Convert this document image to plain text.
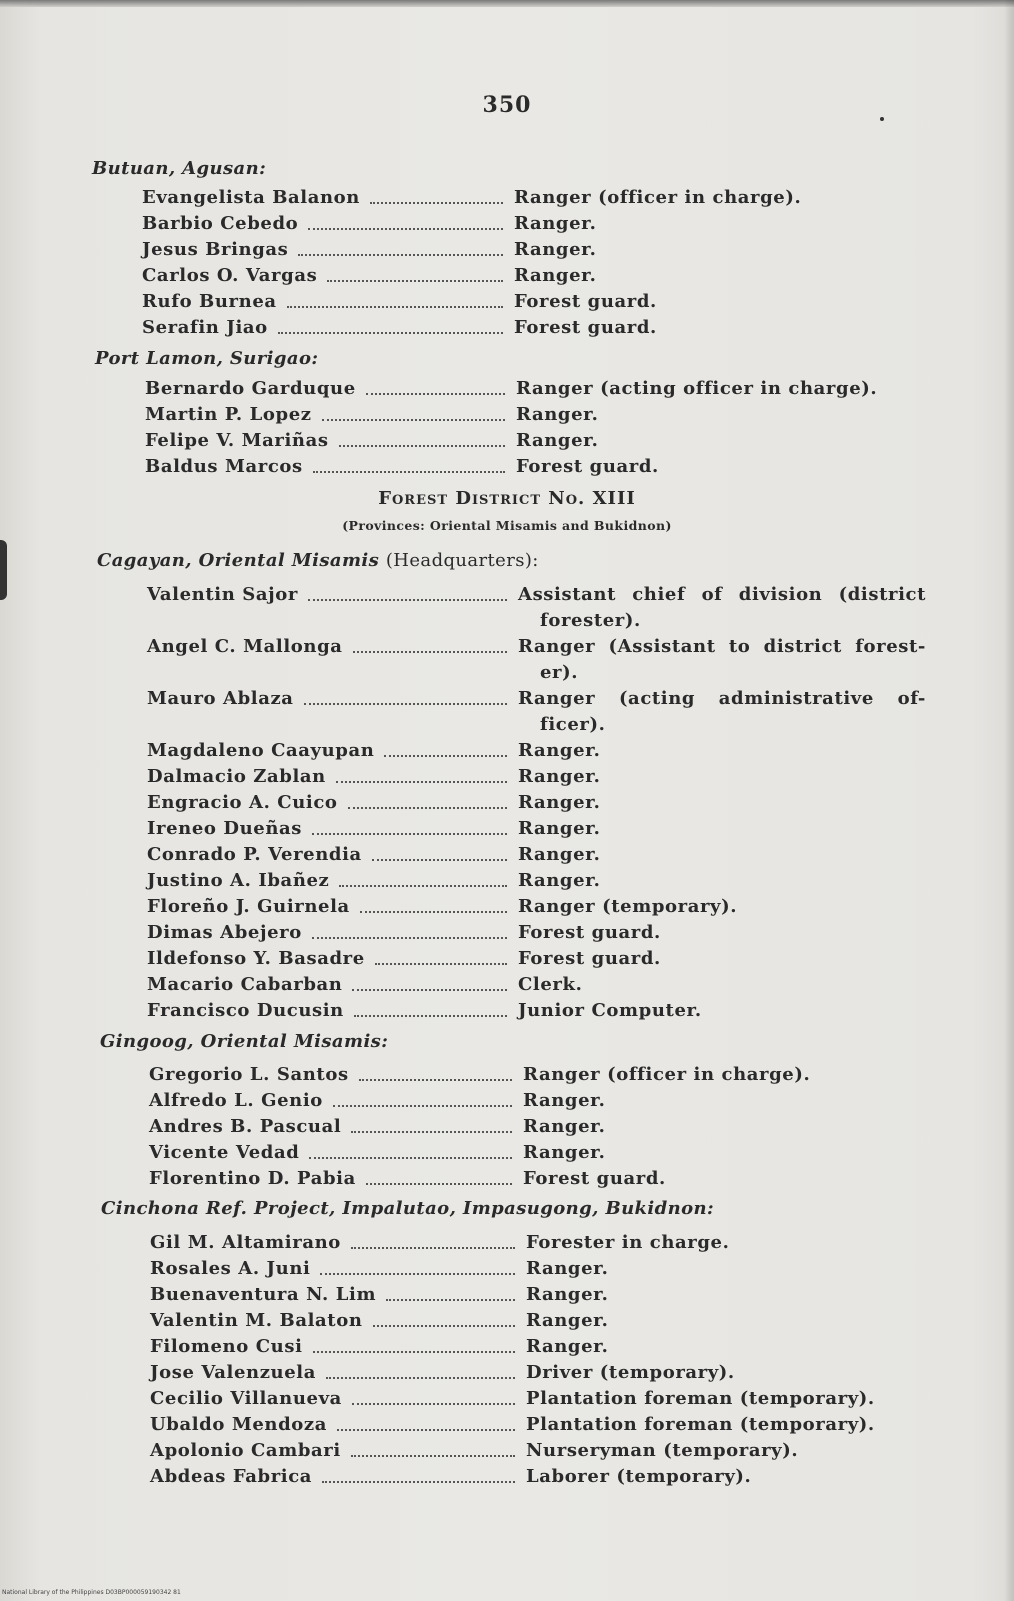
350
Forest District No. XIII
(Provinces: Oriental Misamis and Bukidnon)
Butuan, Agusan:
Evangelista Balanon	Ranger (officer in charge).
Barbio Cebedo	Ranger.
Jesus Bringas	Ranger.
Carlos O. Vargas	Ranger.
Rufo Burnea	Forest guard.
Serafin Jiao	Forest guard.
Port Lamon, Surigao:
Bernardo Garduque	Ranger (acting officer in charge).
Martin P. Lopez	Ranger.
Felipe V. Mariñas	Ranger.
Baldus Marcos	Forest guard.
Cagayan, Oriental Misamis (Headquarters):
Valentin Sajor	Assistant chief of division (district
forester).
Angel C. Mallonga	Ranger (Assistant to district forest-
er).
Mauro Ablaza	Ranger (acting administrative of-
ficer).
Magdaleno Caayupan	Ranger.
Dalmacio Zablan	Ranger.
Engracio A. Cuico	Ranger.
Ireneo Dueñas	Ranger.
Conrado P. Verendia	Ranger.
Justino A. Ibañez	Ranger.
Floreño J. Guirnela	Ranger (temporary).
Dimas Abejero	Forest guard.
Ildefonso Y. Basadre	Forest guard.
Macario Cabarban	Clerk.
Francisco Ducusin	Junior Computer.
Gingoog, Oriental Misamis:
Gregorio L. Santos	Ranger (officer in charge).
Alfredo L. Genio	Ranger.
Andres B. Pascual	Ranger.
Vicente Vedad	Ranger.
Florentino D. Pabia	Forest guard.
Cinchona Ref. Project, Impalutao, Impasugong, Bukidnon:
Gil M. Altamirano	Forester in charge.
Rosales A. Juni	Ranger.
Buenaventura N. Lim	Ranger.
Valentin M. Balaton	Ranger.
Filomeno Cusi	Ranger.
Jose Valenzuela	Driver (temporary).
Cecilio Villanueva	Plantation foreman (temporary).
Ubaldo Mendoza	Plantation foreman (temporary).
Apolonio Cambari	Nurseryman (temporary).
Abdeas Fabrica	Laborer (temporary).
National Library of the Philippines D03BP000059190342 81
